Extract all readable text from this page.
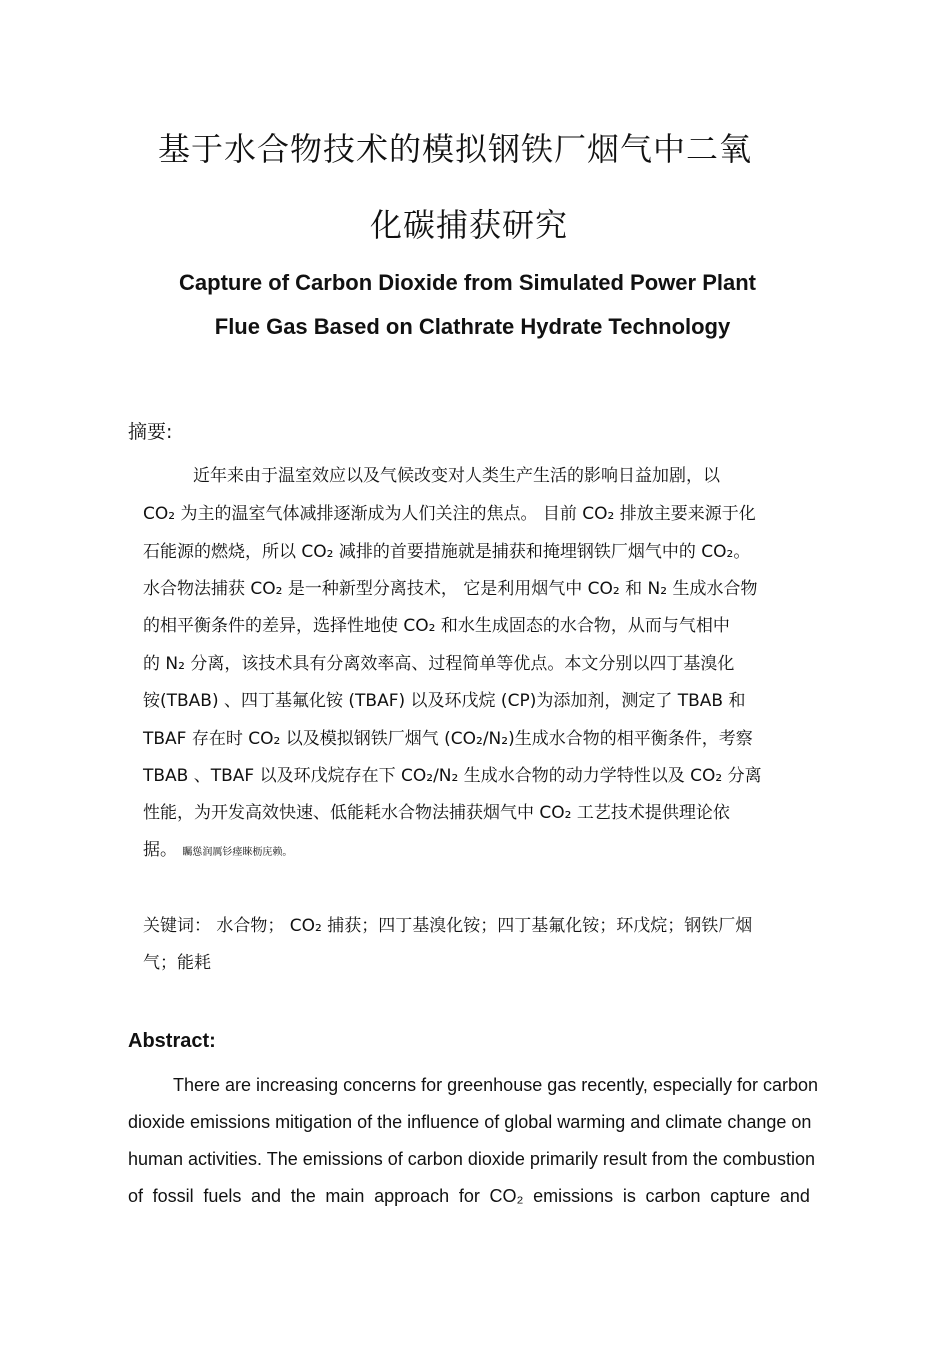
基于水合物技术的模拟钢铁厂烟气中二氧
化碳捕获研究
Capture of Carbon Dioxide from Simulated Power Plant
Flue Gas Based on Clathrate Hydrate Technology
摘要:
近年来由于温室效应以及气候改变对人类生产生活的影响日益加剧，以
CO₂ 为主的温室气体减排逐渐成为人们关注的焦点。 目前 CO₂ 排放主要来源于化
石能源的燃烧，所以 CO₂ 减排的首要措施就是捕获和掩埋钢铁厂烟气中的 CO₂。
水合物法捕获 CO₂ 是一种新型分离技术， 它是利用烟气中 CO₂ 和 N₂ 生成水合物
的相平衡条件的差异，选择性地使 CO₂ 和水生成固态的水合物，从而与气相中
的 N₂ 分离，该技术具有分离效率高、过程简单等优点。本文分别以四丁基溴化
铵(TBAB) 、四丁基氟化铵 (TBAF) 以及环戊烷 (CP)为添加剂，测定了 TBAB 和
TBAF 存在时 CO₂ 以及模拟钢铁厂烟气 (CO₂/N₂)生成水合物的相平衡条件，考察
TBAB 、TBAF 以及环戊烷存在下 CO₂/N₂ 生成水合物的动力学特性以及 CO₂ 分离
性能，为开发高效快速、低能耗水合物法捕获烟气中 CO₂ 工艺技术提供理论依
据。 矚慫润厲钐瘗睞枥庑赖。
关键词： 水合物； CO₂ 捕获；四丁基溴化铵；四丁基氟化铵；环戊烷；钢铁厂烟
气；能耗
Abstract:
There are increasing concerns for greenhouse gas recently, especially for carbon
dioxide emissions mitigation of the influence of global warming and climate change on
human activities. The emissions of carbon dioxide primarily result from the combustion
of fossil fuels and the main approach for CO₂ emissions is carbon capture and
